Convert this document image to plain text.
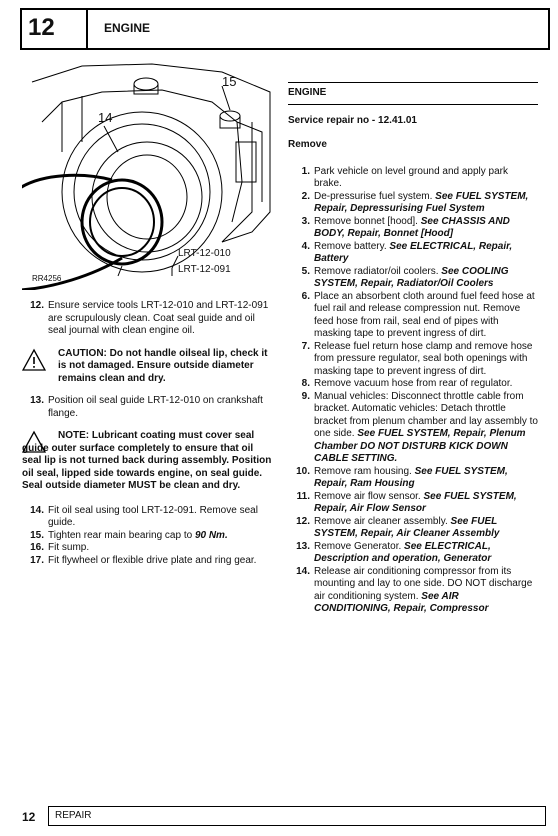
12	ENGINE
15
14
LRT-12-010
LRT-12-091
RR4256
12. Ensure service tools LRT-12-010 and LRT-12-091 are scrupulously clean. Coat seal guide and oil seal journal with clean engine oil.
CAUTION: Do not handle oilseal lip, check it is not damaged. Ensure outside diameter remains clean and dry.
13. Position oil seal guide LRT-12-010 on crankshaft flange.
NOTE: Lubricant coating must cover seal guide outer surface completely to ensure that oil seal lip is not turned back during assembly. Position oil seal, lipped side towards engine, on seal guide. Seal outside diameter MUST be clean and dry.
14. Fit oil seal using tool LRT-12-091. Remove seal guide.
15. Tighten rear main bearing cap to 90 Nm.
16. Fit sump.
17. Fit flywheel or flexible drive plate and ring gear.
ENGINE
Service repair no - 12.41.01
Remove
1. Park vehicle on level ground and apply park brake.
2. De-pressurise fuel system. See FUEL SYSTEM, Repair, Depressurising Fuel System
3. Remove bonnet [hood]. See CHASSIS AND BODY, Repair, Bonnet [Hood]
4. Remove battery. See ELECTRICAL, Repair, Battery
5. Remove radiator/oil coolers. See COOLING SYSTEM, Repair, Radiator/Oil Coolers
6. Place an absorbent cloth around fuel feed hose at fuel rail and release compression nut. Remove feed hose from rail, seal end of pipes with masking tape to prevent ingress of dirt.
7. Release fuel return hose clamp and remove hose from pressure regulator, seal both openings with masking tape to prevent ingress of dirt.
8. Remove vacuum hose from rear of regulator.
9. Manual vehicles: Disconnect throttle cable from bracket. Automatic vehicles: Detach throttle bracket from plenum chamber and lay assembly to one side. See FUEL SYSTEM, Repair, Plenum Chamber DO NOT DISTURB KICK DOWN CABLE SETTING.
10. Remove ram housing. See FUEL SYSTEM, Repair, Ram Housing
11. Remove air flow sensor. See FUEL SYSTEM, Repair, Air Flow Sensor
12. Remove air cleaner assembly. See FUEL SYSTEM, Repair, Air Cleaner Assembly
13. Remove Generator. See ELECTRICAL, Description and operation, Generator
14. Release air conditioning compressor from its mounting and lay to one side. DO NOT discharge air conditioning system. See AIR CONDITIONING, Repair, Compressor
12 REPAIR
